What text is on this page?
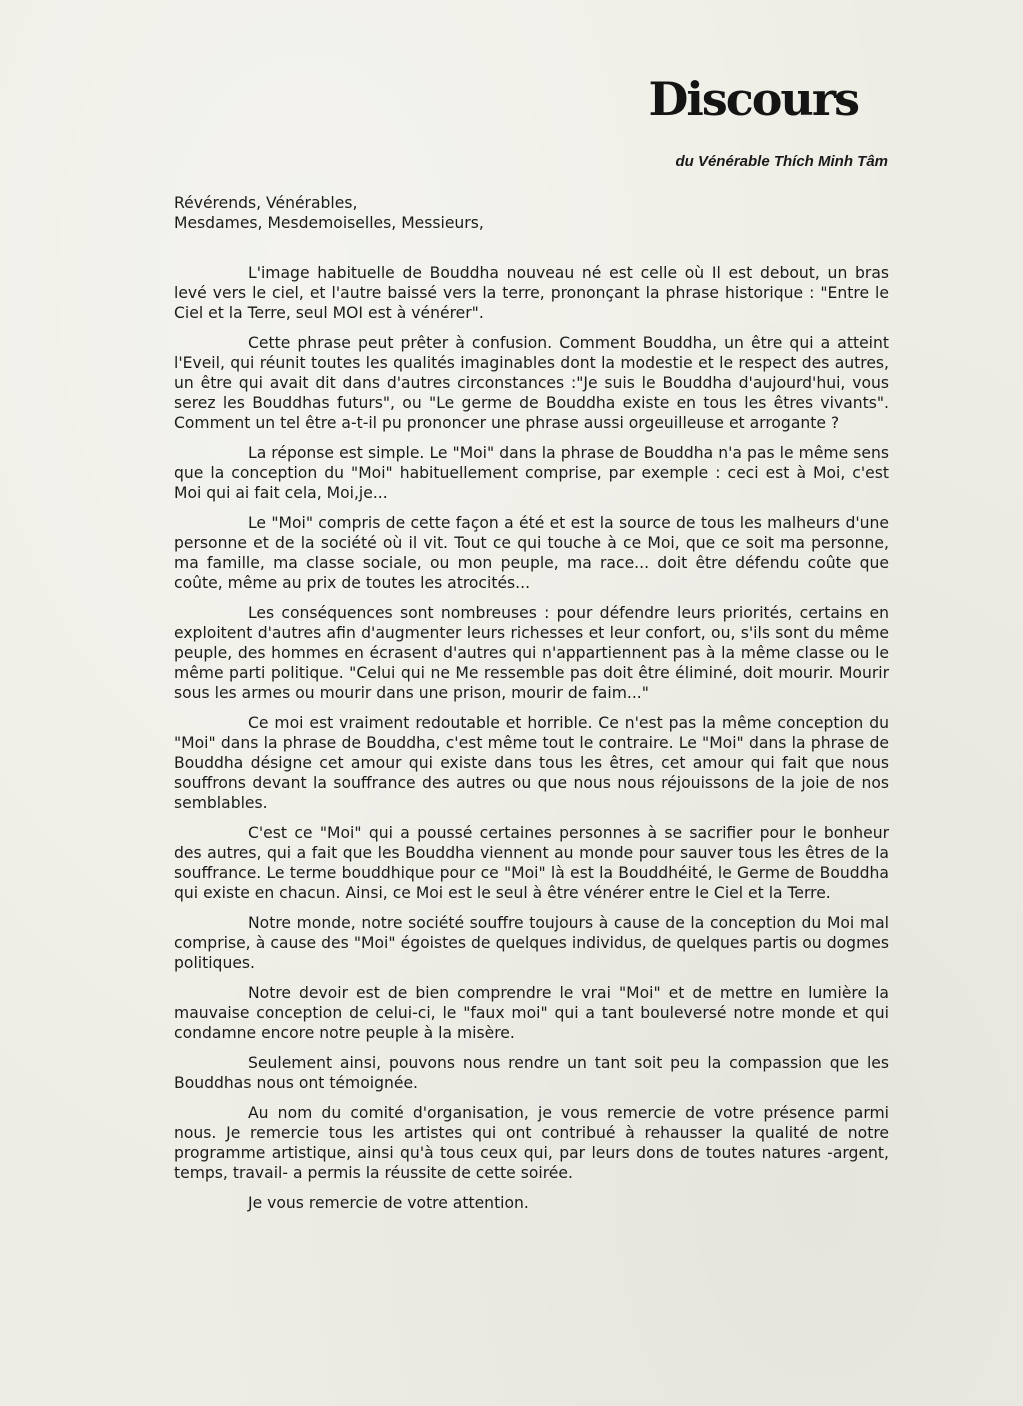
Discours

du Vénérable Thích Minh Tâm

Révérends, Vénérables,
Mesdames, Mesdemoiselles, Messieurs,

L'image habituelle de Bouddha nouveau né est celle où Il est debout, un bras levé vers le ciel, et l'autre baissé vers la terre, prononçant la phrase historique : "Entre le Ciel et la Terre, seul MOI est à vénérer".

Cette phrase peut prêter à confusion. Comment Bouddha, un être qui a atteint l'Eveil, qui réunit toutes les qualités imaginables dont la modestie et le respect des autres, un être qui avait dit dans d'autres circonstances :"Je suis le Bouddha d'aujourd'hui, vous serez les Bouddhas futurs", ou "Le germe de Bouddha existe en tous les êtres vivants". Comment un tel être a-t-il pu prononcer une phrase aussi orgeuilleuse et arrogante ?

La réponse est simple. Le "Moi" dans la phrase de Bouddha n'a pas le même sens que la conception du "Moi" habituellement comprise, par exemple : ceci est à Moi, c'est Moi qui ai fait cela, Moi,je...

Le "Moi" compris de cette façon a été et est la source de tous les malheurs d'une personne et de la société où il vit. Tout ce qui touche à ce Moi, que ce soit ma personne, ma famille, ma classe sociale, ou mon peuple, ma race... doit être défendu coûte que coûte, même au prix de toutes les atrocités...

Les conséquences sont nombreuses : pour défendre leurs priorités, certains en exploitent d'autres afin d'augmenter leurs richesses et leur confort, ou, s'ils sont du même peuple, des hommes en écrasent d'autres qui n'appartiennent pas à la même classe ou le même parti politique. "Celui qui ne Me ressemble pas doit être éliminé, doit mourir. Mourir sous les armes ou mourir dans une prison, mourir de faim..."

Ce moi est vraiment redoutable et horrible. Ce n'est pas la même conception du "Moi" dans la phrase de Bouddha, c'est même tout le contraire. Le "Moi" dans la phrase de Bouddha désigne cet amour qui existe dans tous les êtres, cet amour qui fait que nous souffrons devant la souffrance des autres ou que nous nous réjouissons de la joie de nos semblables.

C'est ce "Moi" qui a poussé certaines personnes à se sacrifier pour le bonheur des autres, qui a fait que les Bouddha viennent au monde pour sauver tous les êtres de la souffrance. Le terme bouddhique pour ce "Moi" là est la Bouddhéité, le Germe de Bouddha qui existe en chacun. Ainsi, ce Moi est le seul à être vénérer entre le Ciel et la Terre.

Notre monde, notre société souffre toujours à cause de la conception du Moi mal comprise, à cause des "Moi" égoistes de quelques individus, de quelques partis ou dogmes politiques.

Notre devoir est de bien comprendre le vrai "Moi" et de mettre en lumière la mauvaise conception de celui-ci, le "faux moi" qui a tant bouleversé notre monde et qui condamne encore notre peuple à la misère.

Seulement ainsi, pouvons nous rendre un tant soit peu la compassion que les Bouddhas nous ont témoignée.

Au nom du comité d'organisation, je vous remercie de votre présence parmi nous. Je remercie tous les artistes qui ont contribué à rehausser la qualité de notre programme artistique, ainsi qu'à tous ceux qui, par leurs dons de toutes natures -argent, temps, travail- a permis la réussite de cette soirée.

Je vous remercie de votre attention.
